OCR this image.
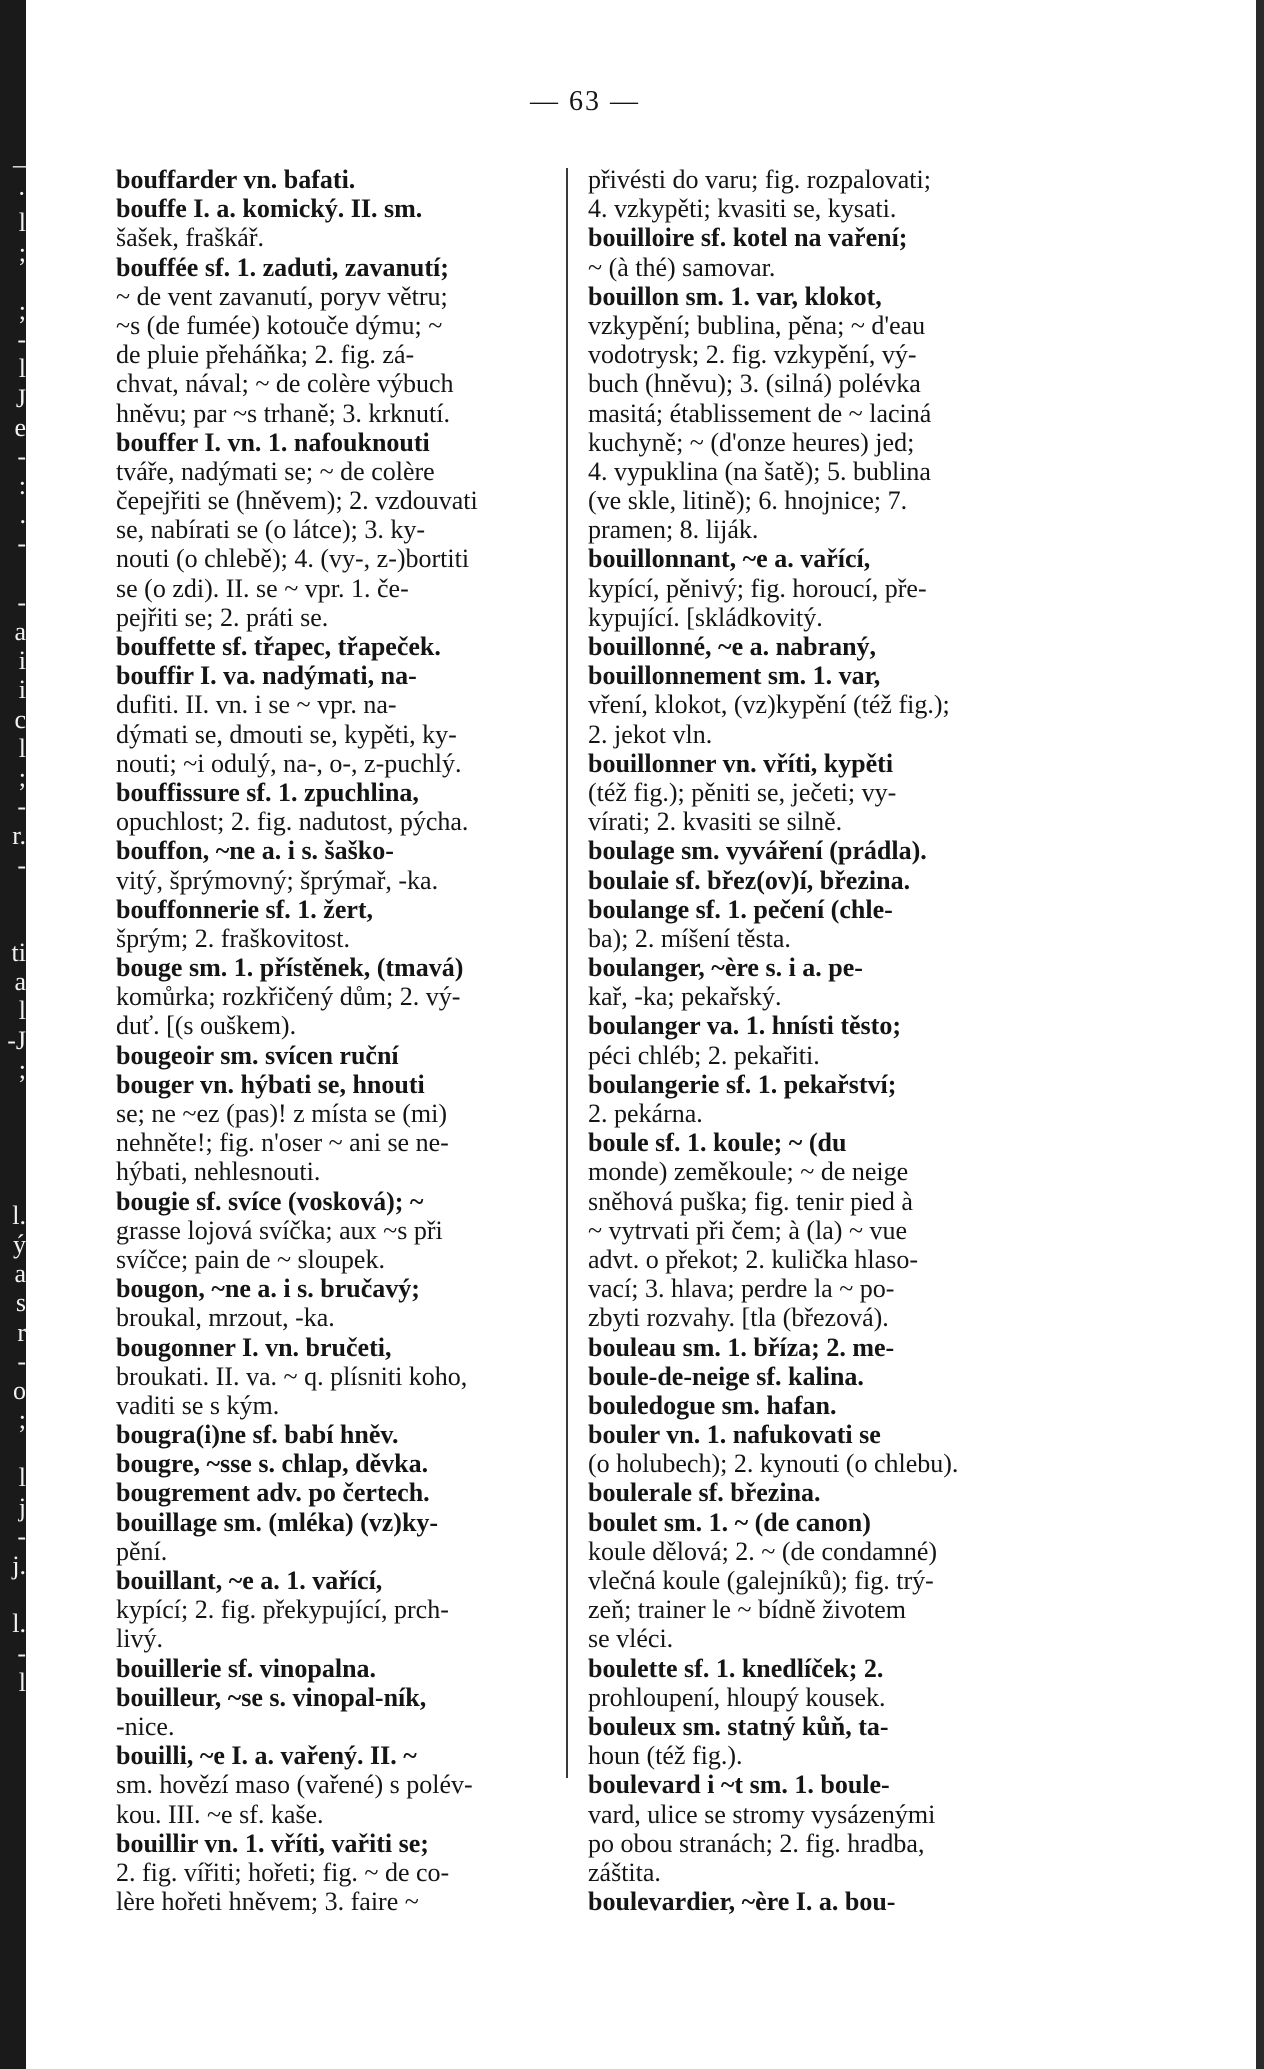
–
·
l
;
;
-
l
J
e
-
:
.
-
-
a
i
i
c
l
;
-
r.
-
ti
a
l
-J
;
l.
ý
a
s
r
-
o
;
l
j
-
j.
l.
-
l
— 63 —
bouffarder vn. bafati.
bouffe I. a. komický. II. sm.
šašek, fraškář.
bouffée sf. 1. zaduti, zavanutí;
~ de vent zavanutí, poryv větru;
~s (de fumée) kotouče dýmu; ~
de pluie přeháňka; 2. fig. zá-
chvat, nával; ~ de colère výbuch
hněvu; par ~s trhaně; 3. krknutí.
bouffer I. vn. 1. nafouknouti
tváře, nadýmati se; ~ de colère
čepejřiti se (hněvem); 2. vzdouvati
se, nabírati se (o látce); 3. ky-
nouti (o chlebě); 4. (vy-, z-)bortiti
se (o zdi). II. se ~ vpr. 1. če-
pejřiti se; 2. práti se.
bouffette sf. třapec, třapeček.
bouffir I. va. nadýmati, na-
dufiti. II. vn. i se ~ vpr. na-
dýmati se, dmouti se, kypěti, ky-
nouti; ~i odulý, na-, o-, z-puchlý.
bouffissure sf. 1. zpuchlina,
opuchlost; 2. fig. nadutost, pýcha.
bouffon, ~ne a. i s. šaško-
vitý, šprýmovný; šprýmař, -ka.
bouffonnerie sf. 1. žert,
šprým; 2. fraškovitost.
bouge sm. 1. přístěnek, (tmavá)
komůrka; rozkřičený dům; 2. vý-
duť. [(s ouškem).
bougeoir sm. svícen ruční
bouger vn. hýbati se, hnouti
se; ne ~ez (pas)! z místa se (mi)
nehněte!; fig. n'oser ~ ani se ne-
hýbati, nehlesnouti.
bougie sf. svíce (vosková); ~
grasse lojová svíčka; aux ~s při
svíčce; pain de ~ sloupek.
bougon, ~ne a. i s. bručavý;
broukal, mrzout, -ka.
bougonner I. vn. bručeti,
broukati. II. va. ~ q. plísniti koho,
vaditi se s kým.
bougra(i)ne sf. babí hněv.
bougre, ~sse s. chlap, děvka.
bougrement adv. po čertech.
bouillage sm. (mléka) (vz)ky-
pění.
bouillant, ~e a. 1. vařící,
kypící; 2. fig. překypující, prch-
livý.
bouillerie sf. vinopalna.
bouilleur, ~se s. vinopal-ník,
-nice.
bouilli, ~e I. a. vařený. II. ~
sm. hovězí maso (vařené) s polév-
kou. III. ~e sf. kaše.
bouillir vn. 1. vříti, vařiti se;
2. fig. vířiti; hořeti; fig. ~ de co-
lère hořeti hněvem; 3. faire ~
přivésti do varu; fig. rozpalovati;
4. vzkypěti; kvasiti se, kysati.
bouilloire sf. kotel na vaření;
~ (à thé) samovar.
bouillon sm. 1. var, klokot,
vzkypění; bublina, pěna; ~ d'eau
vodotrysk; 2. fig. vzkypění, vý-
buch (hněvu); 3. (silná) polévka
masitá; établissement de ~ laciná
kuchyně; ~ (d'onze heures) jed;
4. vypuklina (na šatě); 5. bublina
(ve skle, litině); 6. hnojnice; 7.
pramen; 8. liják.
bouillonnant, ~e a. vařící,
kypící, pěnivý; fig. horoucí, pře-
kypující. [skládkovitý.
bouillonné, ~e a. nabraný,
bouillonnement sm. 1. var,
vření, klokot, (vz)kypění (též fig.);
2. jekot vln.
bouillonner vn. vříti, kypěti
(též fig.); pěniti se, ječeti; vy-
vírati; 2. kvasiti se silně.
boulage sm. vyváření (prádla).
boulaie sf. břez(ov)í, březina.
boulange sf. 1. pečení (chle-
ba); 2. míšení těsta.
boulanger, ~ère s. i a. pe-
kař, -ka; pekařský.
boulanger va. 1. hnísti těsto;
péci chléb; 2. pekařiti.
boulangerie sf. 1. pekařství;
2. pekárna.
boule sf. 1. koule; ~ (du
monde) zeměkoule; ~ de neige
sněhová puška; fig. tenir pied à
~ vytrvati při čem; à (la) ~ vue
advt. o překot; 2. kulička hlaso-
vací; 3. hlava; perdre la ~ po-
zbyti rozvahy. [tla (březová).
bouleau sm. 1. bříza; 2. me-
boule-de-neige sf. kalina.
bouledogue sm. hafan.
bouler vn. 1. nafukovati se
(o holubech); 2. kynouti (o chlebu).
boulerale sf. březina.
boulet sm. 1. ~ (de canon)
koule dělová; 2. ~ (de condamné)
vlečná koule (galejníků); fig. trý-
zeň; trainer le ~ bídně životem
se vléci.
boulette sf. 1. knedlíček; 2.
prohloupení, hloupý kousek.
bouleux sm. statný kůň, ta-
houn (též fig.).
boulevard i ~t sm. 1. boule-
vard, ulice se stromy vysázenými
po obou stranách; 2. fig. hradba,
záštita.
boulevardier, ~ère I. a. bou-
